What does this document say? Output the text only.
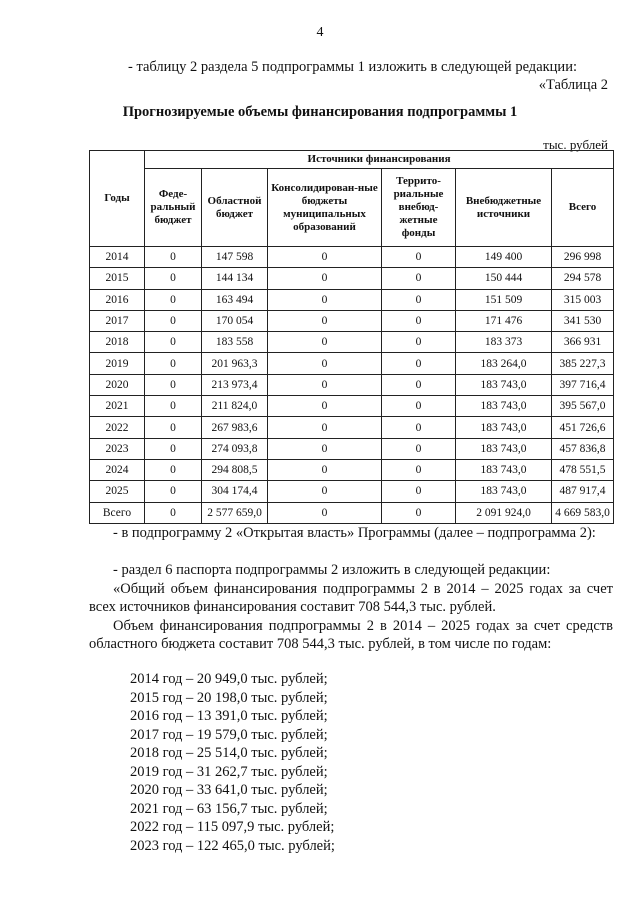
4
- таблицу 2 раздела 5 подпрограммы 1 изложить в следующей редакции:
«Таблица 2
Прогнозируемые объемы финансирования подпрограммы 1
тыс. рублей
Годы	Источники финансирования					
	Феде-ральный бюджет	Областной бюджет	Консолидирован-ные бюджеты муниципальных образований	Террито-риальные внебюд-жетные фонды	Внебюджетные источники	Всего
2014	0	147 598	0	0	149 400	296 998
2015	0	144 134	0	0	150 444	294 578
2016	0	163 494	0	0	151 509	315 003
2017	0	170 054	0	0	171 476	341 530
2018	0	183 558	0	0	183 373	366 931
2019	0	201 963,3	0	0	183 264,0	385 227,3
2020	0	213 973,4	0	0	183 743,0	397 716,4
2021	0	211 824,0	0	0	183 743,0	395 567,0
2022	0	267 983,6	0	0	183 743,0	451 726,6
2023	0	274 093,8	0	0	183 743,0	457 836,8
2024	0	294 808,5	0	0	183 743,0	478 551,5
2025	0	304 174,4	0	0	183 743,0	487 917,4
Всего	0	2 577 659,0	0	0	2 091 924,0	4 669 583,0
- в подпрограмму 2 «Открытая власть» Программы (далее – подпрограмма 2):
- раздел 6 паспорта подпрограммы 2 изложить в следующей редакции:
«Общий объем финансирования подпрограммы 2 в 2014 – 2025 годах за счет всех источников финансирования составит 708 544,3 тыс. рублей.
Объем финансирования подпрограммы 2 в 2014 – 2025 годах за счет средств областного бюджета составит 708 544,3 тыс. рублей, в том числе по годам:
2014 год – 20 949,0 тыс. рублей;
2015 год – 20 198,0 тыс. рублей;
2016 год – 13 391,0 тыс. рублей;
2017 год – 19 579,0 тыс. рублей;
2018 год – 25 514,0 тыс. рублей;
2019 год – 31 262,7 тыс. рублей;
2020 год – 33 641,0 тыс. рублей;
2021 год – 63 156,7 тыс. рублей;
2022 год – 115 097,9 тыс. рублей;
2023 год – 122 465,0 тыс. рублей;
